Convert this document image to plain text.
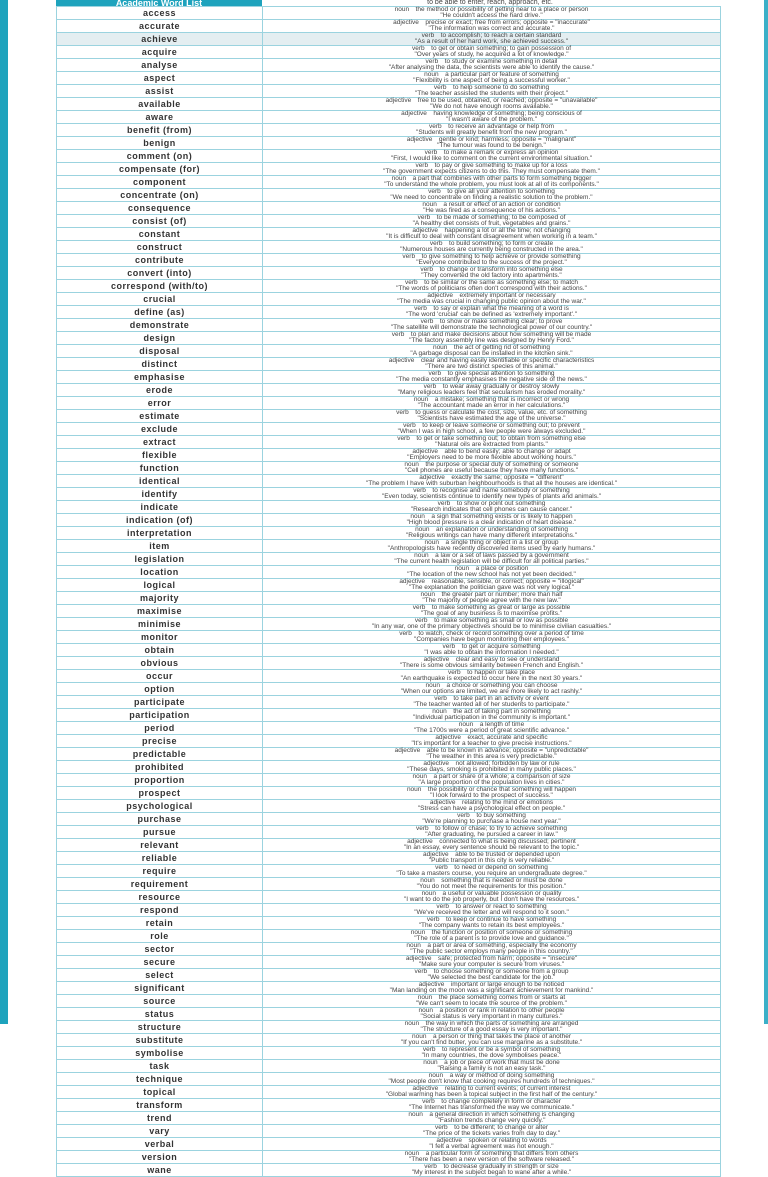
Academic Word List	to be able to enter, reach, approach, etc.
access	noun  the method or possibility of getting near to a place or person
"He couldn't access the hard drive."

accurate	adjective  precise or exact; free from errors; opposite = "inaccurate"
"The information was correct and accurate."

achieve	verb  to accomplish; to reach a certain standard
"As a result of her hard work, she achieved success."

acquire	verb  to get or obtain something; to gain possession of
"Over years of study, he acquired a lot of knowledge."

analyse	verb  to study or examine something in detail
"After analysing the data, the scientists were able to identify the cause."

aspect	noun  a particular part or feature of something
"Flexibility is one aspect of being a successful worker."

assist	verb  to help someone to do something
"The teacher assisted the students with their project."

available	adjective  free to be used, obtained, or reached; opposite = "unavailable"
"We do not have enough rooms available."

aware	adjective  having knowledge of something; being conscious of
"I wasn't aware of the problem."

benefit (from)	verb  to receive an advantage or help from
"Students will greatly benefit from the new program."

benign	adjective  gentle or kind; harmless; opposite = "malignant"
"The tumour was found to be benign."

comment (on)	verb  to make a remark or express an opinion
"First, I would like to comment on the current environmental situation."

compensate (for)	verb  to pay or give something to make up for a loss
"The government expects citizens to do this. They must compensate them."

component	noun  a part that combines with other parts to form something bigger
"To understand the whole problem, you must look at all of its components."

concentrate (on)	verb  to give all your attention to something
"We need to concentrate on finding a realistic solution to the problem."

consequence	noun  a result or effect of an action or condition
"He was fired as a consequence of his actions."

consist (of)	verb  to be made of something; to be composed of
"A healthy diet consists of fruit, vegetables and grains."

constant	adjective  happening a lot or all the time; not changing
"It is difficult to deal with constant disagreement when working in a team."

construct	verb  to build something; to form or create
"Numerous houses are currently being constructed in the area."

contribute	verb  to give something to help achieve or provide something
"Everyone contributed to the success of the project."

convert (into)	verb  to change or transform into something else
"They converted the old factory into apartments."

correspond (with/to)	verb  to be similar or the same as something else; to match
"The words of politicians often don't correspond with their actions."

crucial	adjective  extremely important or necessary
"The media was crucial in changing public opinion about the war."

define (as)	verb  to say or explain what the meaning of a word is
"The word 'crucial' can be defined as 'extremely important'."

demonstrate	verb  to show or make something clear; to prove
"The satellite will demonstrate the technological power of our country."

design	verb  to plan and make decisions about how something will be made
"The factory assembly line was designed by Henry Ford."

disposal	noun  the act of getting rid of something
"A garbage disposal can be installed in the kitchen sink."

distinct	adjective  clear and having easily identifiable or specific characteristics
"There are two distinct species of this animal."

emphasise	verb  to give special attention to something
"The media constantly emphasises the negative side of the news."

erode	verb  to wear away gradually or destroy slowly
"Many religious leaders feel that secularism has eroded morality."

error	noun  a mistake; something that is incorrect or wrong
"The accountant made an error in her calculations."

estimate	verb  to guess or calculate the cost, size, value, etc. of something
"Scientists have estimated the age of the universe."

exclude	verb  to keep or leave someone or something out; to prevent
"When I was in high school, a few people were always excluded."

extract	verb  to get or take something out; to obtain from something else
"Natural oils are extracted from plants."

flexible	adjective  able to bend easily; able to change or adapt
"Employers need to be more flexible about working hours."

function	noun  the purpose or special duty of something or someone
"Cell phones are useful because they have many functions."

identical	adjective  exactly the same; opposite = "different"
"The problem I have with suburban neighbourhoods is that all the houses are identical."

identify	verb  to recognise and name somebody or something
"Even today, scientists continue to identify new types of plants and animals."

indicate	verb  to show or point out something
"Research indicates that cell phones can cause cancer."

indication (of)	noun  a sign that something exists or is likely to happen
"High blood pressure is a clear indication of heart disease."

interpretation	noun  an explanation or understanding of something
"Religious writings can have many different interpretations."

item	noun  a single thing or object in a list or group
"Anthropologists have recently discovered items used by early humans."

legislation	noun  a law or a set of laws passed by a government
"The current health legislation will be difficult for all political parties."

location	noun  a place or position
"The location of the new school has not yet been decided."

logical	adjective  reasonable, sensible, or correct; opposite = "illogical"
"The explanation the politician gave was not very logical."

majority	noun  the greater part or number; more than half
"The majority of people agree with the new law."

maximise	verb  to make something as great or large as possible
"The goal of any business is to maximise profits."

minimise	verb  to make something as small or low as possible
"In any war, one of the primary objectives should be to minimise civilian casualties."

monitor	verb  to watch, check or record something over a period of time
"Companies have begun monitoring their employees."

obtain	verb  to get or acquire something
"I was able to obtain the information I needed."

obvious	adjective  clear and easy to see or understand
"There is some obvious similarity between French and English."

occur	verb  to happen or take place
"An earthquake is expected to occur here in the next 30 years."

option	noun  a choice or something you can choose
"When our options are limited, we are more likely to act rashly."

participate	verb  to take part in an activity or event
"The teacher wanted all of her students to participate."

participation	noun  the act of taking part in something
"Individual participation in the community is important."

period	noun  a length of time
"The 1700s were a period of great scientific advance."

precise	adjective  exact, accurate and specific
"It's important for a teacher to give precise instructions."

predictable	adjective  able to be known in advance; opposite = "unpredictable"
"The weather in this area is very predictable."

prohibited	adjective  not allowed; forbidden by law or rule
"These days, smoking is prohibited in many public places."

proportion	noun  a part or share of a whole; a comparison of size
"A large proportion of the population lives in cities."

prospect	noun  the possibility or chance that something will happen
"I look forward to the prospect of success."

psychological	adjective  relating to the mind or emotions
"Stress can have a psychological effect on people."

purchase	verb  to buy something
"We're planning to purchase a house next year."

pursue	verb  to follow or chase; to try to achieve something
"After graduating, he pursued a career in law."

relevant	adjective  connected to what is being discussed; pertinent
"In an essay, every sentence should be relevant to the topic."

reliable	adjective  able to be trusted or depended upon
"Public transport in this city is very reliable."

require	verb  to need or depend on something
"To take a masters course, you require an undergraduate degree."

requirement	noun  something that is needed or must be done
"You do not meet the requirements for this position."

resource	noun  a useful or valuable possession or quality
"I want to do the job properly, but I don't have the resources."

respond	verb  to answer or react to something
"We've received the letter and will respond to it soon."

retain	verb  to keep or continue to have something
"The company wants to retain its best employees."

role	noun  the function or position of someone or something
"The role of a parent is to provide love and guidance."

sector	noun  a part or area of something, especially the economy
"The public sector employs many people in this country."

secure	adjective  safe; protected from harm; opposite = "insecure"
"Make sure your computer is secure from viruses."

select	verb  to choose something or someone from a group
"We selected the best candidate for the job."

significant	adjective  important or large enough to be noticed
"Man landing on the moon was a significant achievement for mankind."

source	noun  the place something comes from or starts at
"We can't seem to locate the source of the problem."

status	noun  a position or rank in relation to other people
"Social status is very important in many cultures."

structure	noun  the way in which the parts of something are arranged
"The structure of a good essay is very important."

substitute	noun  a person or thing that takes the place of another
"If you can't find butter, you can use margarine as a substitute."

symbolise	verb  to represent or be a symbol of something
"In many countries, the dove symbolises peace."

task	noun  a job or piece of work that must be done
"Raising a family is not an easy task."

technique	noun  a way or method of doing something
"Most people don't know that cooking requires hundreds of techniques."

topical	adjective  relating to current events; of current interest
"Global warming has been a topical subject in the first half of the century."

transform	verb  to change completely in form or character
"The Internet has transformed the way we communicate."

trend	noun  a general direction in which something is changing
"Fashion trends change very quickly."

vary	verb  to be different; to change or alter
"The price of the tickets varies from day to day."

verbal	adjective  spoken or relating to words
"I felt a verbal agreement was not enough."

version	noun  a particular form of something that differs from others
"There has been a new version of the software released."

wane	verb  to decrease gradually in strength or size
"My interest in the subject began to wane after a while."
